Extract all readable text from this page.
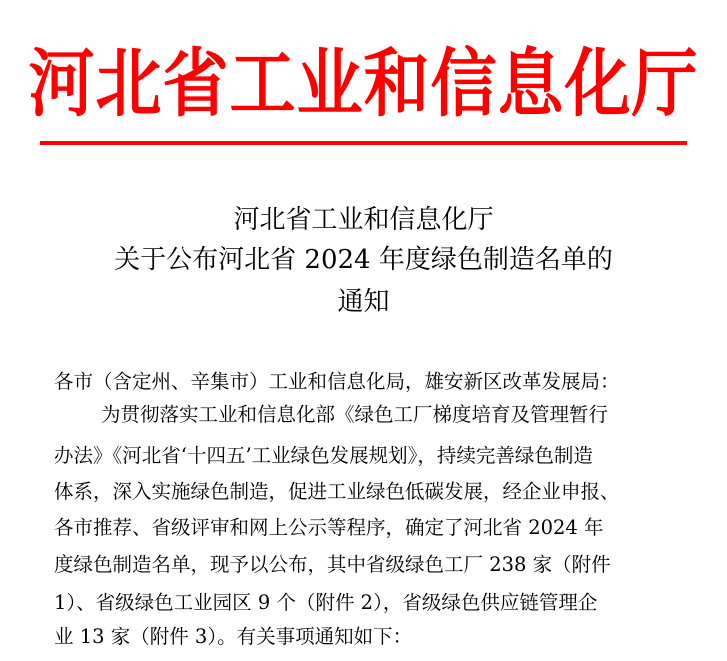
河北省工业和信息化厅
河北省工业和信息化厅
关于公布河北省 2024 年度绿色制造名单的
通知
各市（含定州、辛集市）工业和信息化局，雄安新区改革发展局：
为贯彻落实工业和信息化部《绿色工厂梯度培育及管理暂行
办法》《河北省‘十四五’工业绿色发展规划》，持续完善绿色制造
体系，深入实施绿色制造，促进工业绿色低碳发展，经企业申报、
各市推荐、省级评审和网上公示等程序，确定了河北省 2024 年
度绿色制造名单，现予以公布，其中省级绿色工厂 238 家（附件
1）、省级绿色工业园区 9 个（附件 2），省级绿色供应链管理企
业 13 家（附件 3）。有关事项通知如下：
